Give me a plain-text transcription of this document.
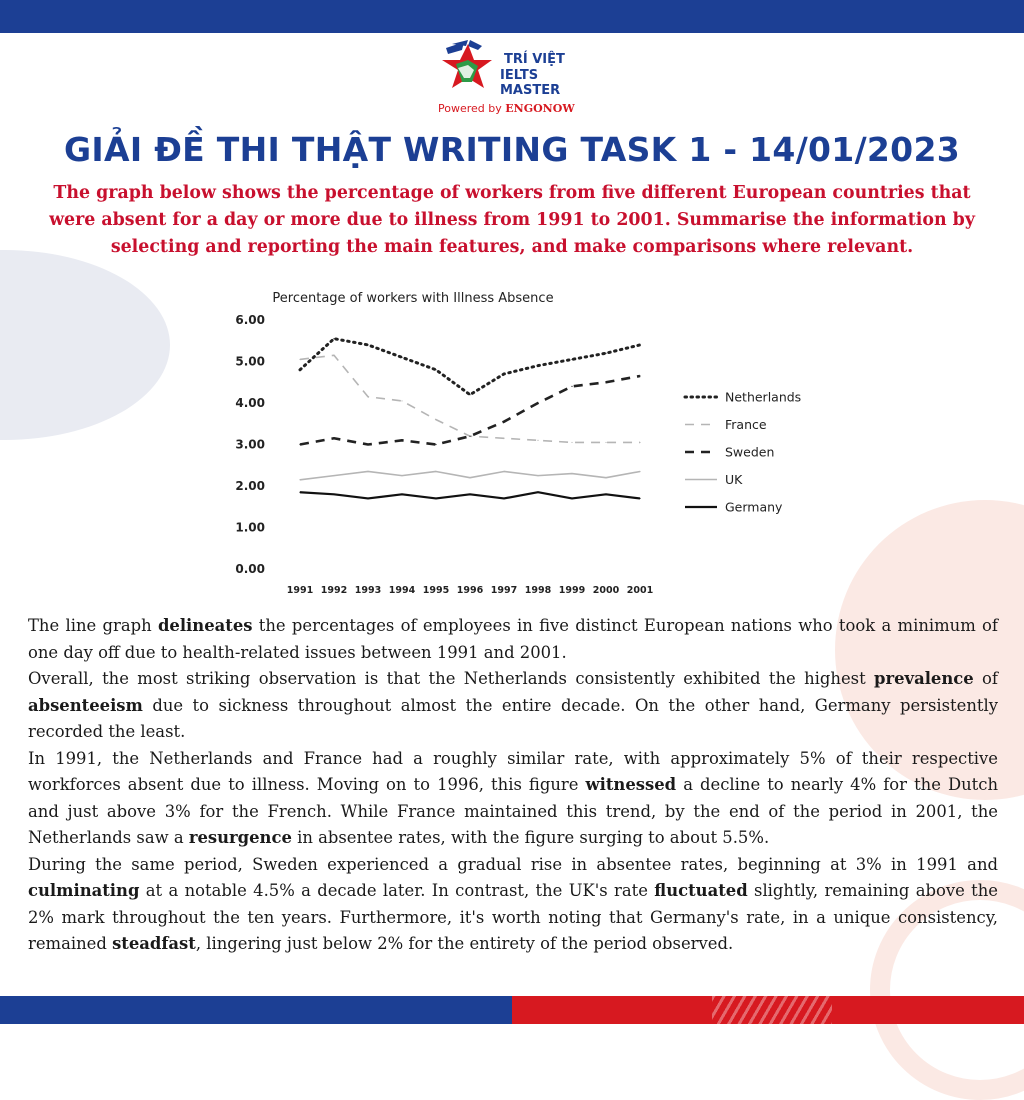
TRÍ VIỆT
IELTS MASTER
Powered by ENGONOW
GIẢI ĐỀ THI THẬT WRITING TASK 1 - 14/01/2023
The graph below shows the percentage of workers from five different European countries that were absent for a day or more due to illness from 1991 to 2001. Summarise the information by selecting and reporting the main features, and make comparisons where relevant.
Percentage of workers with Illness Absence
0.00
1.00
2.00
3.00
4.00
5.00
6.00
1991 1992 1993 1994 1995 1996 1997 1998 1999 2000 2001
Netherlands
France
Sweden
UK
Germany

The line graph delineates the percentages of employees in five distinct European nations who took a minimum of one day off due to health-related issues between 1991 and 2001.

Overall, the most striking observation is that the Netherlands consistently exhibited the highest prevalence of absenteeism due to sickness throughout almost the entire decade. On the other hand, Germany persistently recorded the least.

In 1991, the Netherlands and France had a roughly similar rate, with approximately 5% of their respective workforces absent due to illness. Moving on to 1996, this figure witnessed a decline to nearly 4% for the Dutch and just above 3% for the French. While France maintained this trend, by the end of the period in 2001, the Netherlands saw a resurgence in absentee rates, with the figure surging to about 5.5%.

During the same period, Sweden experienced a gradual rise in absentee rates, beginning at 3% in 1991 and culminating at a notable 4.5% a decade later. In contrast, the UK's rate fluctuated slightly, remaining above the 2% mark throughout the ten years. Furthermore, it's worth noting that Germany's rate, in a unique consistency, remained steadfast, lingering just below 2% for the entirety of the period observed.
